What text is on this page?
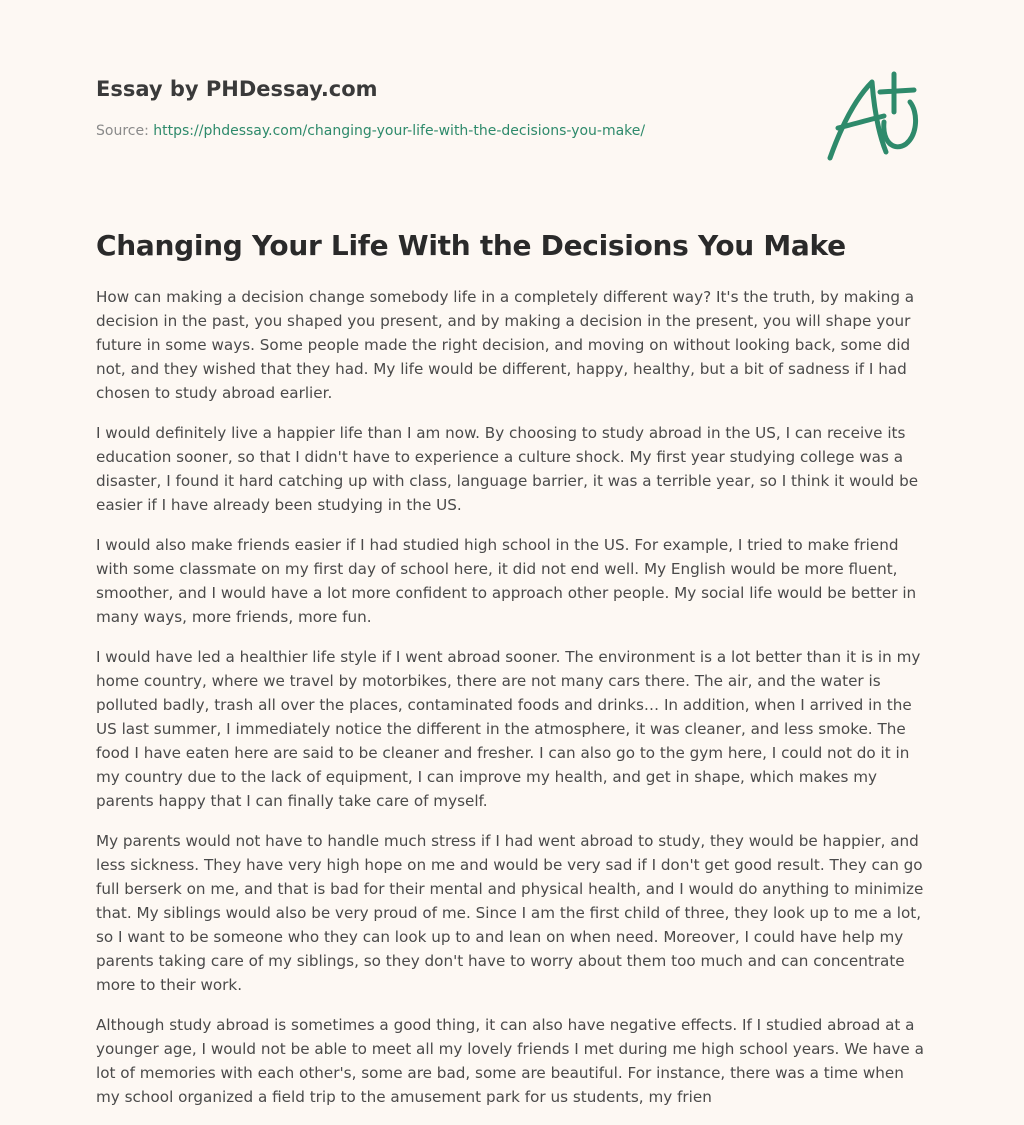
Essay by PHDessay.com
Source: https://phdessay.com/changing-your-life-with-the-decisions-you-make/
Changing Your Life With the Decisions You Make

How can making a decision change somebody life in a completely different way? It's the truth, by making a decision in the past, you shaped you present, and by making a decision in the present, you will shape your future in some ways. Some people made the right decision, and moving on without looking back, some did not, and they wished that they had. My life would be different, happy, healthy, but a bit of sadness if I had chosen to study abroad earlier.

I would definitely live a happier life than I am now. By choosing to study abroad in the US, I can receive its education sooner, so that I didn't have to experience a culture shock. My first year studying college was a disaster, I found it hard catching up with class, language barrier, it was a terrible year, so I think it would be easier if I have already been studying in the US.

I would also make friends easier if I had studied high school in the US. For example, I tried to make friend with some classmate on my first day of school here, it did not end well. My English would be more fluent, smoother, and I would have a lot more confident to approach other people. My social life would be better in many ways, more friends, more fun.

I would have led a healthier life style if I went abroad sooner. The environment is a lot better than it is in my home country, where we travel by motorbikes, there are not many cars there. The air, and the water is polluted badly, trash all over the places, contaminated foods and drinks… In addition, when I arrived in the US last summer, I immediately notice the different in the atmosphere, it was cleaner, and less smoke. The food I have eaten here are said to be cleaner and fresher. I can also go to the gym here, I could not do it in my country due to the lack of equipment, I can improve my health, and get in shape, which makes my parents happy that I can finally take care of myself.

My parents would not have to handle much stress if I had went abroad to study, they would be happier, and less sickness. They have very high hope on me and would be very sad if I don't get good result. They can go full berserk on me, and that is bad for their mental and physical health, and I would do anything to minimize that. My siblings would also be very proud of me. Since I am the first child of three, they look up to me a lot, so I want to be someone who they can look up to and lean on when need. Moreover, I could have help my parents taking care of my siblings, so they don't have to worry about them too much and can concentrate more to their work.

Although study abroad is sometimes a good thing, it can also have negative effects. If I studied abroad at a younger age, I would not be able to meet all my lovely friends I met during me high school years. We have a lot of memories with each other's, some are bad, some are beautiful. For instance, there was a time when my school organized a field trip to the amusement park for us students, my frien
